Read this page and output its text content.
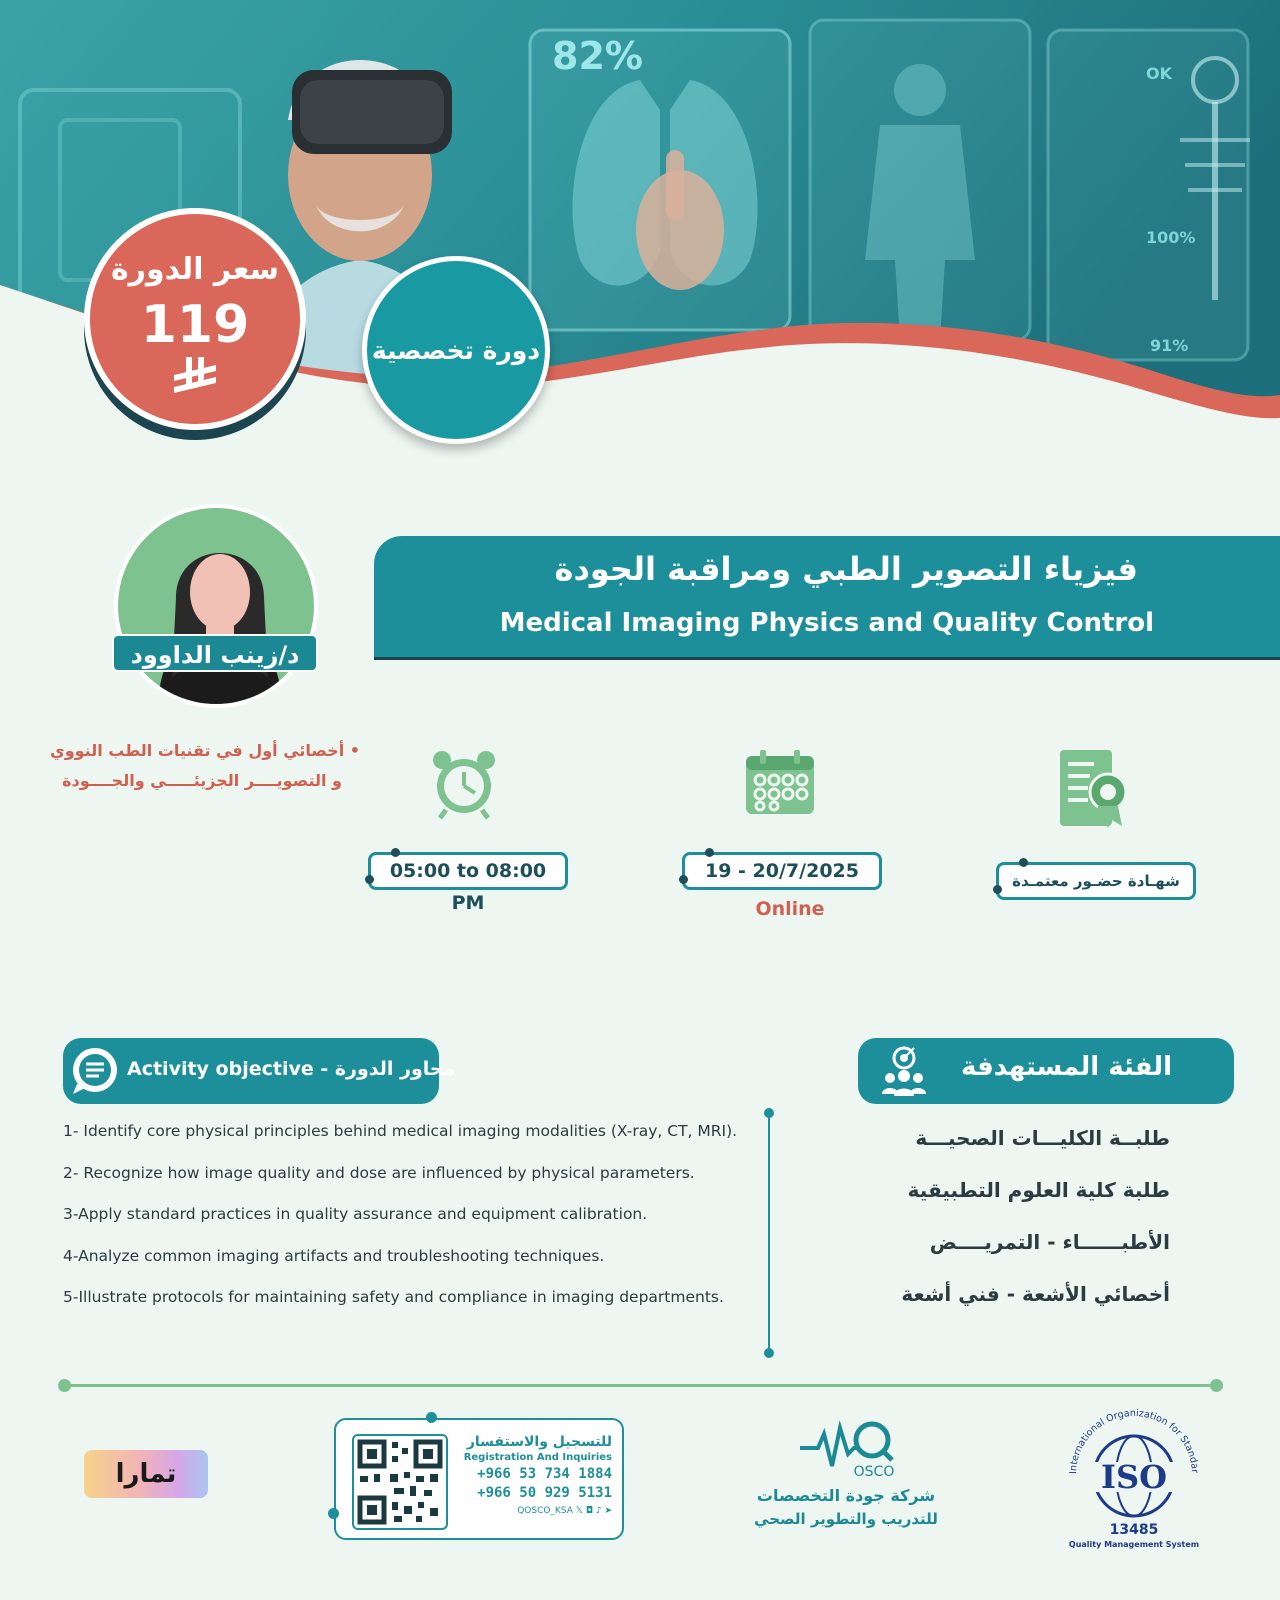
82%	OK
100%
91%
سعر الدورة
119	دورة تخصصية
فيزياء التصوير الطبي ومراقبة الجودة
Medical Imaging Physics and Quality Control
د/زينب الداوود
• أخصائي أول في تقنيات الطب النووي
و التصويــــر الجزيئـــــي والجــــودة
05:00 to 08:00 PM
19 - 20/7/2025
Online
شهـادة حضـور معتمـدة
Activity objective - محاور الدورة
1- Identify core physical principles behind medical imaging modalities (X-ray, CT, MRI).
2- Recognize how image quality and dose are influenced by physical parameters.
3-Apply standard practices in quality assurance and equipment calibration.
4-Analyze common imaging artifacts and troubleshooting techniques.
5-Illustrate protocols for maintaining safety and compliance in imaging departments.
الفئة المستهدفة
طلبــة الكليـــات الصحيـــة
طلبة كلية العلوم التطبيقية
الأطبــــــاء - التمريــــض
أخصائي الأشعة - فني أشعة
International Organization for Standar
ISO
13485
Quality Management System
OSCO
شركة جودة التخصصات
للتدريب والتطوير الصحي
للتسجيل والاستفسار
Registration And Inquiries
+966 53 734 1884
+966 50 929 5131
QOSCO_KSA 𝕏 ◘ ♪ ➤
تمارا
